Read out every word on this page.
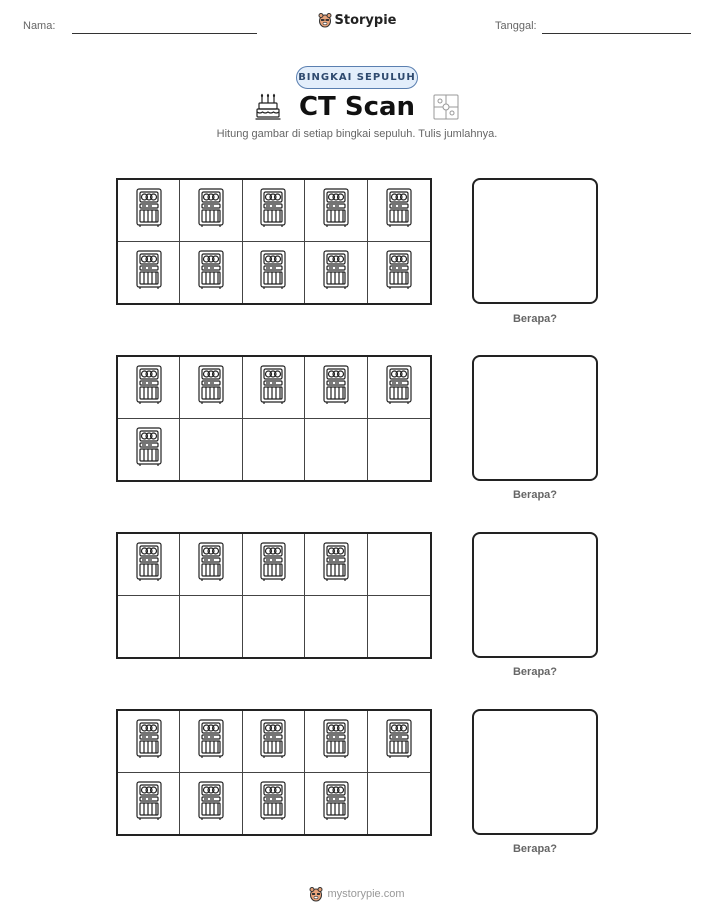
Nama:	Storypie	Tanggal:
BINGKAI SEPULUH
CT Scan
Hitung gambar di setiap bingkai sepuluh. Tulis jumlahnya.
Berapa?
Berapa?
Berapa?
Berapa?
mystorypie.com
